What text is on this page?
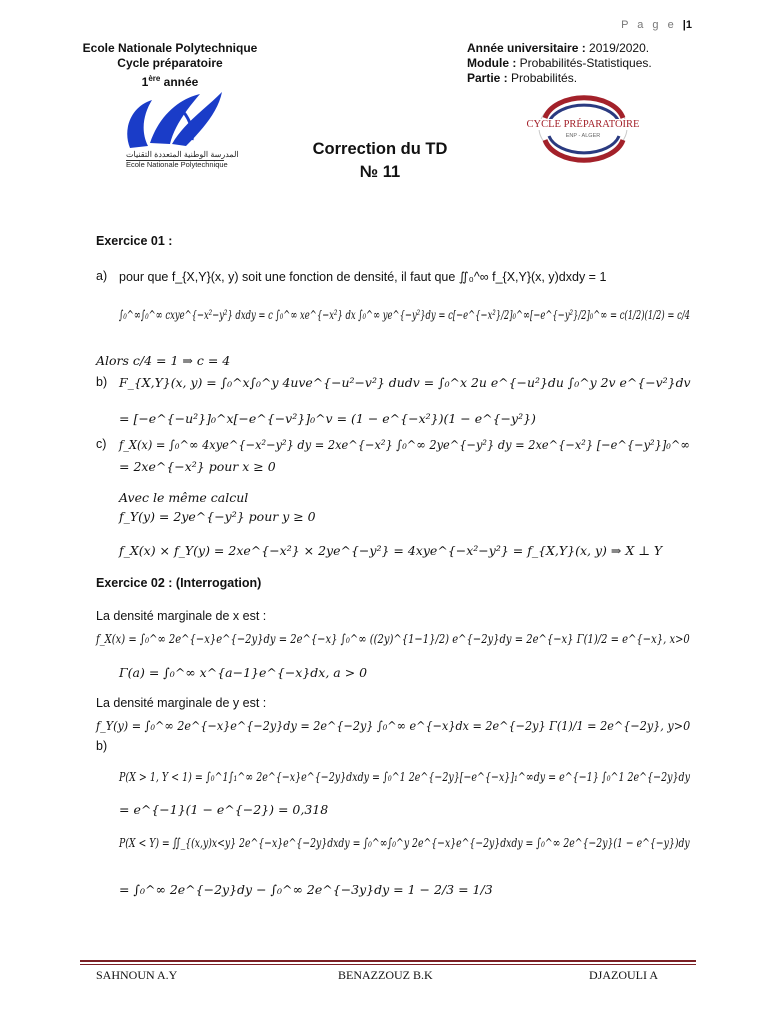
P a g e |1
Ecole Nationale Polytechnique
Cycle préparatoire
1ère année
Année universitaire : 2019/2020.
Module : Probabilités-Statistiques.
Partie : Probabilités.
المدرسة الوطنية المتعددة التقنيات
Ecole Nationale Polytechnique
CYCLE PRÉPARATOIRE
ENP - ALGER
Correction du TD
№ 11
Exercice 01 :
a) pour que f_{X,Y}(x, y) soit une fonction de densité, il faut que ∬₀^∞ f_{X,Y}(x, y)dxdy = 1
∫₀^∞∫₀^∞ cxye^{−x²−y²} dxdy = c ∫₀^∞ xe^{−x²} dx ∫₀^∞ ye^{−y²}dy = c[−e^{−x²}/2]₀^∞[−e^{−y²}/2]₀^∞ = c(1/2)(1/2) = c/4
Alors c/4 = 1 ⇒ c = 4
b) F_{X,Y}(x, y) = ∫₀^x∫₀^y 4uve^{−u²−v²} dudv = ∫₀^x 2u e^{−u²}du ∫₀^y 2v e^{−v²}dv
= [−e^{−u²}]₀^x[−e^{−v²}]₀^v = (1 − e^{−x²})(1 − e^{−y²})
c) f_X(x) = ∫₀^∞ 4xye^{−x²−y²} dy = 2xe^{−x²} ∫₀^∞ 2ye^{−y²} dy = 2xe^{−x²} [−e^{−y²}]₀^∞
= 2xe^{−x²} pour x ≥ 0
Avec le même calcul
f_Y(y) = 2ye^{−y²} pour y ≥ 0
f_X(x) × f_Y(y) = 2xe^{−x²} × 2ye^{−y²} = 4xye^{−x²−y²} = f_{X,Y}(x, y) ⇒ X ⊥ Y
Exercice 02 : (Interrogation)
La densité marginale de x est :
f_X(x) = ∫₀^∞ 2e^{−x}e^{−2y}dy = 2e^{−x} ∫₀^∞ ((2y)^{1−1}/2) e^{−2y}dy = 2e^{−x} Γ(1)/2 = e^{−x}, x>0
Γ(a) = ∫₀^∞ x^{a−1}e^{−x}dx, a > 0
La densité marginale de y est :
f_Y(y) = ∫₀^∞ 2e^{−x}e^{−2y}dy = 2e^{−2y} ∫₀^∞ e^{−x}dx = 2e^{−2y} Γ(1)/1 = 2e^{−2y}, y>0
b)
P(X > 1, Y < 1) = ∫₀^1∫₁^∞ 2e^{−x}e^{−2y}dxdy = ∫₀^1 2e^{−2y}[−e^{−x}]₁^∞dy = e^{−1} ∫₀^1 2e^{−2y}dy
= e^{−1}(1 − e^{−2}) = 0,318
P(X < Y) = ∬_{(x,y)x<y} 2e^{−x}e^{−2y}dxdy = ∫₀^∞∫₀^y 2e^{−x}e^{−2y}dxdy = ∫₀^∞ 2e^{−2y}(1 − e^{−y})dy
= ∫₀^∞ 2e^{−2y}dy − ∫₀^∞ 2e^{−3y}dy = 1 − 2/3 = 1/3
SAHNOUN A.Y	BENAZZOUZ B.K	DJAZOULI A
